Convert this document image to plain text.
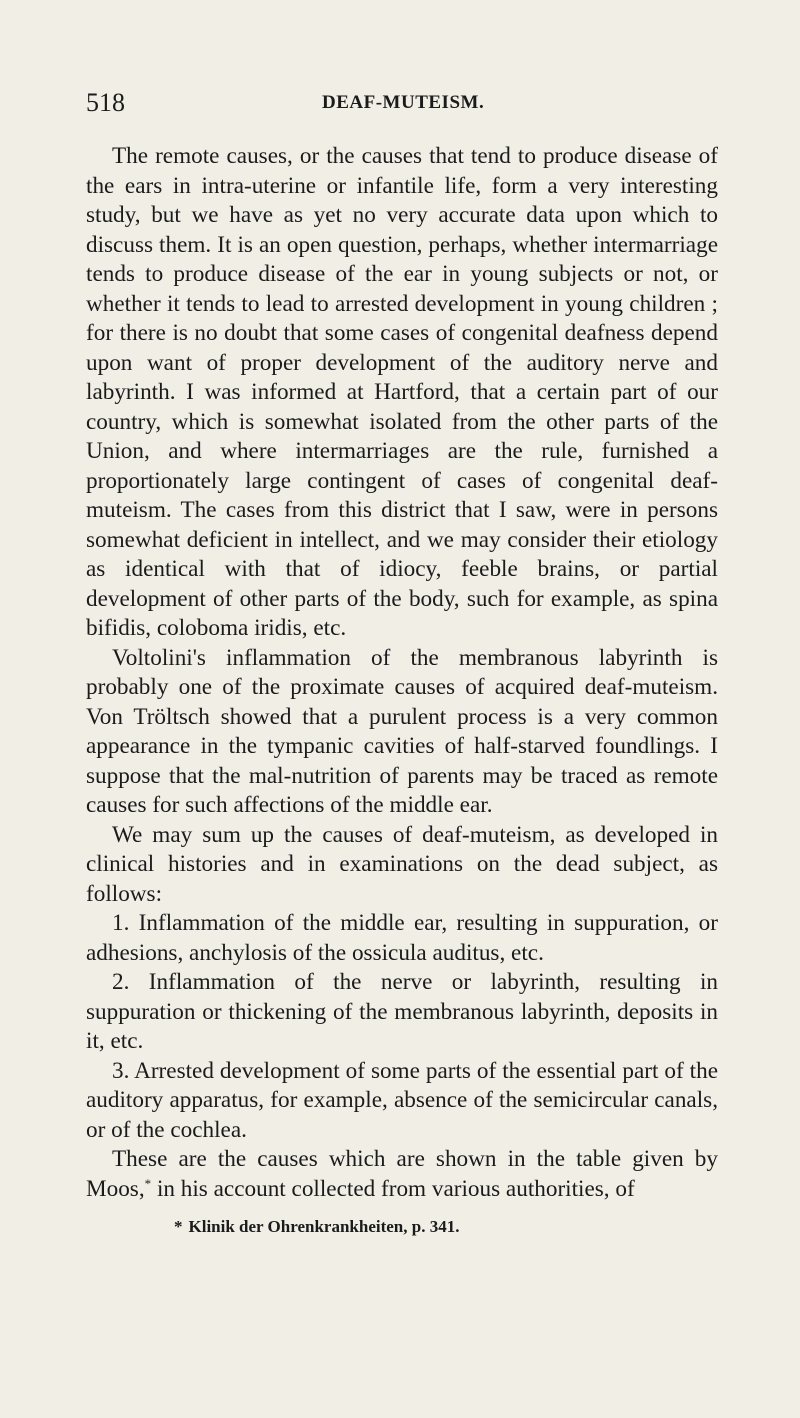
518	DEAF-MUTEISM.

The remote causes, or the causes that tend to produce disease of the ears in intra-uterine or infantile life, form a very interesting study, but we have as yet no very accurate data upon which to discuss them. It is an open question, perhaps, whether intermarriage tends to produce disease of the ear in young subjects or not, or whether it tends to lead to arrested development in young children ; for there is no doubt that some cases of congenital deafness depend upon want of proper development of the auditory nerve and labyrinth. I was informed at Hartford, that a certain part of our country, which is somewhat isolated from the other parts of the Union, and where intermarriages are the rule, furnished a proportionately large contingent of cases of congenital deaf-muteism. The cases from this district that I saw, were in persons somewhat deficient in intellect, and we may consider their etiology as identical with that of idiocy, feeble brains, or partial development of other parts of the body, such for example, as spina bifidis, coloboma iridis, etc.

Voltolini's inflammation of the membranous labyrinth is probably one of the proximate causes of acquired deaf-muteism. Von Tröltsch showed that a purulent process is a very common appearance in the tympanic cavities of half-starved foundlings. I suppose that the mal-nutrition of parents may be traced as remote causes for such affections of the middle ear.

We may sum up the causes of deaf-muteism, as developed in clinical histories and in examinations on the dead subject, as follows:

1. Inflammation of the middle ear, resulting in suppuration, or adhesions, anchylosis of the ossicula auditus, etc.

2. Inflammation of the nerve or labyrinth, resulting in suppuration or thickening of the membranous labyrinth, deposits in it, etc.

3. Arrested development of some parts of the essential part of the auditory apparatus, for example, absence of the semicircular canals, or of the cochlea.

These are the causes which are shown in the table given by Moos,* in his account collected from various authorities, of

* Klinik der Ohrenkrankheiten, p. 341.
